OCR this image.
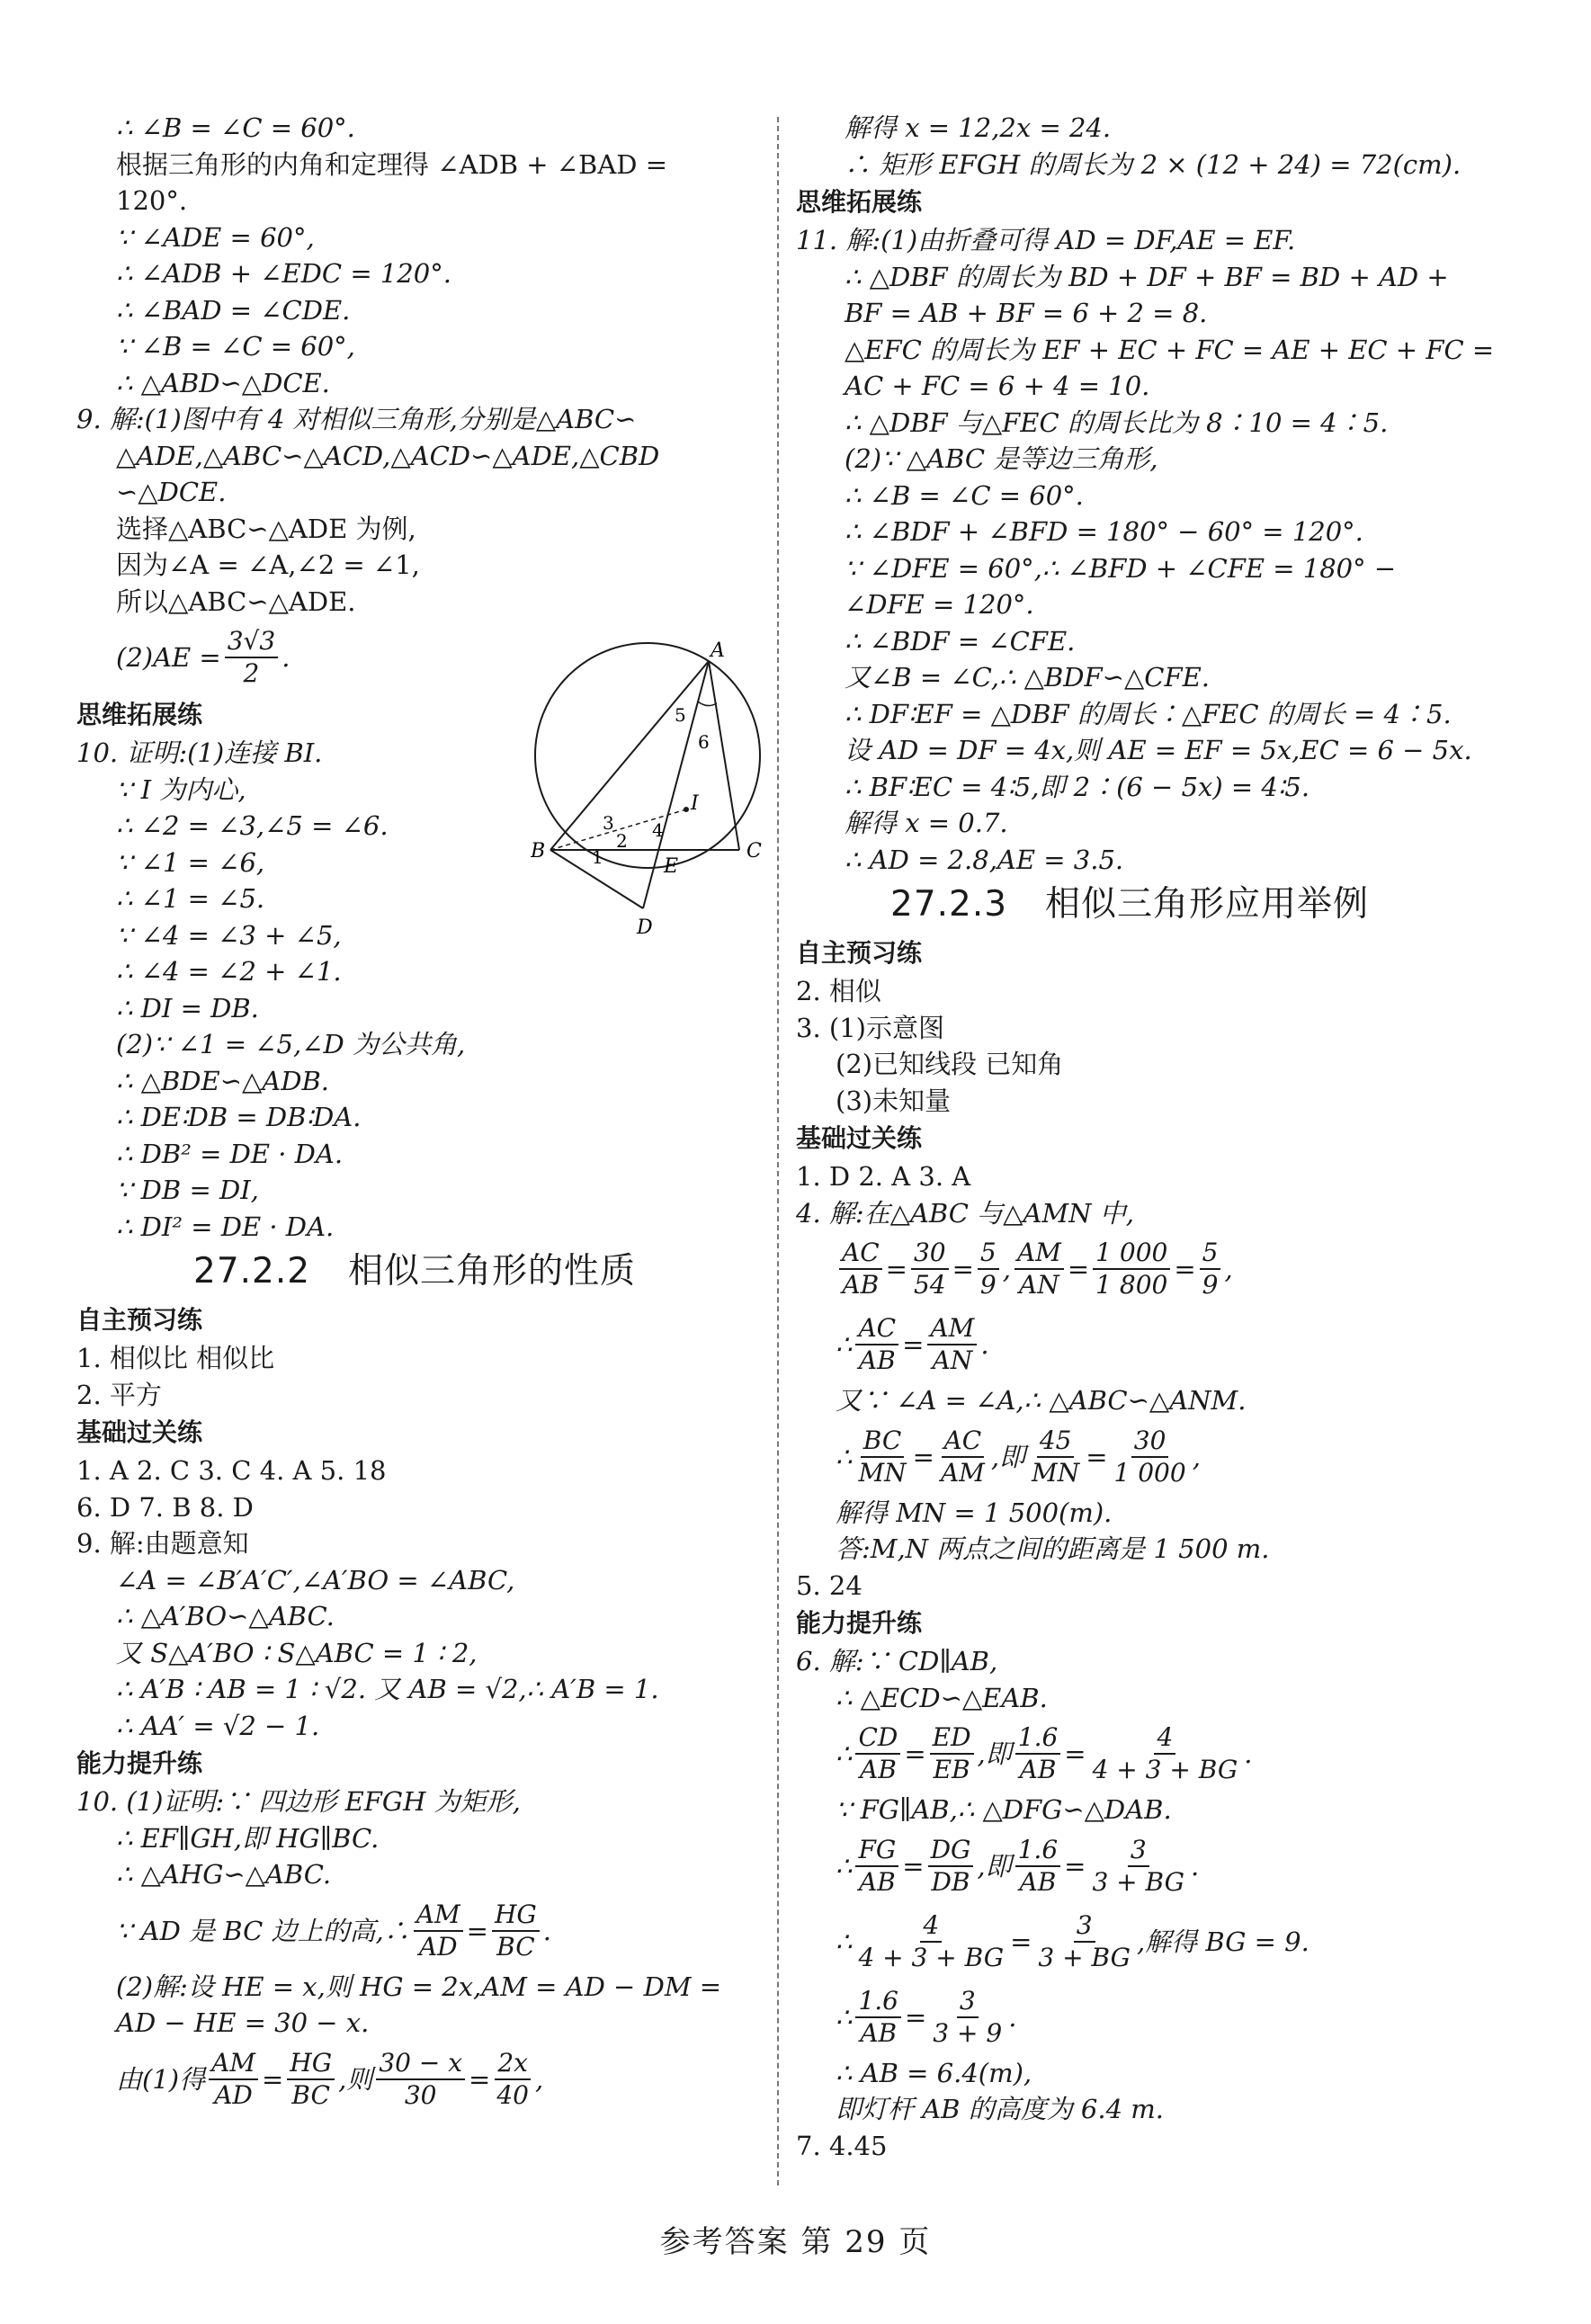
∴ ∠B = ∠C = 60°.
根据三角形的内角和定理得 ∠ADB + ∠BAD =
120°.
∵ ∠ADE = 60°,
∴ ∠ADB + ∠EDC = 120°.
∴ ∠BAD = ∠CDE.
∵ ∠B = ∠C = 60°,
∴ △ABD∽△DCE.
9. 解:(1)图中有 4 对相似三角形,分别是△ABC∽
△ADE,△ABC∽△ACD,△ACD∽△ADE,△CBD
∽△DCE.
选择△ABC∽△ADE 为例,
因为∠A = ∠A,∠2 = ∠1,
所以△ABC∽△ADE.
$(2)AE = \frac{3√3}{2}$ .
思维拓展练
10. 证明:(1)连接 BI.
∵ I 为内心,
∴ ∠2 = ∠3,∠5 = ∠6.
∵ ∠1 = ∠6,
∴ ∠1 = ∠5.
∵ ∠4 = ∠3 + ∠5,
∴ ∠4 = ∠2 + ∠1.
∴ DI = DB.
(2)∵ ∠1 = ∠5,∠D 为公共角,
∴ △BDE∽△ADB.
∴ DE∶DB = DB∶DA.
∴ DB² = DE · DA.
∵ DB = DI,
∴ DI² = DE · DA.
27.2.2 相似三角形的性质
自主预习练
1. 相似比 相似比
2. 平方
基础过关练
1. A 2. C 3. C 4. A 5. 18
6. D 7. B 8. D
9. 解:由题意知
∠A = ∠B′A′C′,∠A′BO = ∠ABC,
∴ △A′BO∽△ABC.
又 S△A′BO ∶ S△ABC = 1 ∶ 2,
∴ A′B ∶ AB = 1 ∶ √2. 又 AB = √2,∴ A′B = 1.
∴ AA′ = √2 − 1.
能力提升练
10. (1)证明:∵ 四边形 EFGH 为矩形,
∴ EF∥GH,即 HG∥BC.
∴ △AHG∽△ABC.
∵ AD 是 BC 边上的高,∴ $\frac{AM}{AD} = \frac{HG}{BC}$ .
(2)解:设 HE = x,则 HG = 2x,AM = AD − DM =
AD − HE = 30 − x.
由(1)得 $\frac{AM}{AD} = \frac{HG}{BC}$ ,则 $\frac{30 - x}{30} = \frac{2x}{40}$ ,
A
B	C
D
E
I
1
2
3 4
5
6
解得 x = 12,2x = 24.
∴ 矩形 EFGH 的周长为 2 × (12 + 24) = 72(cm).
思维拓展练
11. 解:(1)由折叠可得 AD = DF,AE = EF.
∴ △DBF 的周长为 BD + DF + BF = BD + AD +
BF = AB + BF = 6 + 2 = 8.
△EFC 的周长为 EF + EC + FC = AE + EC + FC =
AC + FC = 6 + 4 = 10.
∴ △DBF 与△FEC 的周长比为 8∶10 = 4∶5.
(2)∵ △ABC 是等边三角形,
∴ ∠B = ∠C = 60°.
∴ ∠BDF + ∠BFD = 180° − 60° = 120°.
∵ ∠DFE = 60°,∴ ∠BFD + ∠CFE = 180° −
∠DFE = 120°.
∴ ∠BDF = ∠CFE.
又∠B = ∠C,∴ △BDF∽△CFE.
∴ DF∶EF = △DBF 的周长∶△FEC 的周长 = 4∶5.
设 AD = DF = 4x,则 AE = EF = 5x,EC = 6 − 5x.
∴ BF∶EC = 4∶5,即 2∶(6 − 5x) = 4∶5.
解得 x = 0.7.
∴ AD = 2.8,AE = 3.5.
27.2.3 相似三角形应用举例
自主预习练
2. 相似
3. (1)示意图
(2)已知线段 已知角
(3)未知量
基础过关练
1. D 2. A 3. A
4. 解:在△ABC 与△AMN 中,
$\frac{AC}{AB} = \frac{30}{54} = \frac{5}{9}$ , $\frac{AM}{AN} = \frac{1 000}{1 800} = \frac{5}{9}$ ,
∴ $\frac{AC}{AB} = \frac{AM}{AN}$ .
又∵ ∠A = ∠A,∴ △ABC∽△ANM.
∴ $\frac{BC}{MN} = \frac{AC}{AM}$ ,即 $\frac{45}{MN} = \frac{30}{1 000}$ ,
解得 MN = 1 500(m).
答:M,N 两点之间的距离是 1 500 m.
5. 24
能力提升练
6. 解:∵ CD∥AB,
∴ △ECD∽△EAB.
∴ $\frac{CD}{AB} = \frac{ED}{EB}$ ,即 $\frac{1.6}{AB} = \frac{4}{4 + 3 + BG}$ .
∵ FG∥AB,∴ △DFG∽△DAB.
∴ $\frac{FG}{AB} = \frac{DG}{DB}$ ,即 $\frac{1.6}{AB} = \frac{3}{3 + BG}$ .
∴ $\frac{4}{4 + 3 + BG} = \frac{3}{3 + BG}$ ,解得 BG = 9.
∴ $\frac{1.6}{AB} = \frac{3}{3 + 9}$ .
∴ AB = 6.4(m),
即灯杆 AB 的高度为 6.4 m.
7. 4.45
参考答案 第 29 页
